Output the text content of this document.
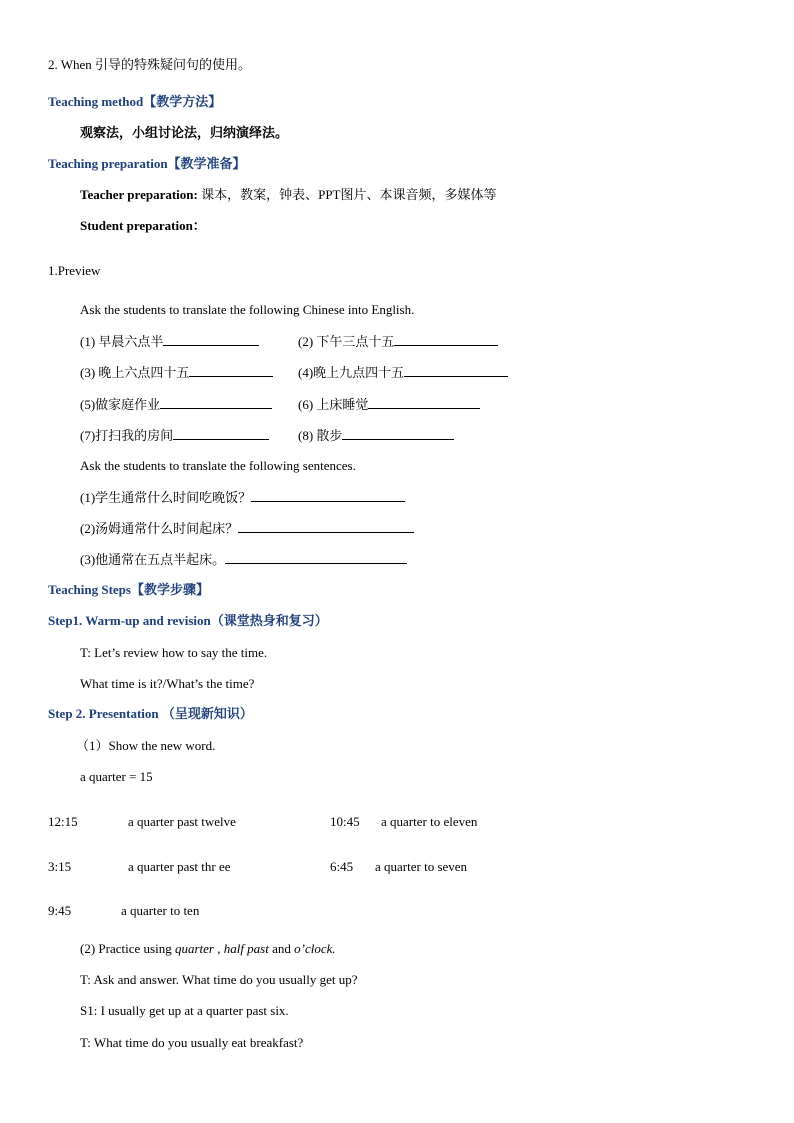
2. When 引导的特殊疑问句的使用。
Teaching method【教学方法】
观察法，小组讨论法，归纳演绎法。
Teaching preparation【教学准备】
Teacher preparation: 课本，教案，钟表、PPT图片、本课音频，多媒体等
Student preparation：
1.Preview
Ask the students to translate the following Chinese into English.
(1) 早晨六点半	(2) 下午三点十五
(3) 晚上六点四十五	(4)晚上九点四十五
(5)做家庭作业	(6) 上床睡觉
(7)打扫我的房间	(8) 散步
Ask the students to translate the following sentences.
(1)学生通常什么时间吃晚饭？
(2)汤姆通常什么时间起床？
(3)他通常在五点半起床。
Teaching Steps【教学步骤】
Step1. Warm-up and revision（课堂热身和复习）
T: Let’s review how to say the time.
What time is it?/What’s the time?
Step 2. Presentation （呈现新知识）
（1）Show the new word.
a quarter = 15
12:15	a quarter past twelve	10:45 a quarter to eleven
3:15	a quarter past thr ee	6:45 a quarter to seven
9:45	a quarter to ten
(2) Practice using quarter , half past and o’clock.
T: Ask and answer. What time do you usually get up?
S1: I usually get up at a quarter past six.
T: What time do you usually eat breakfast?
